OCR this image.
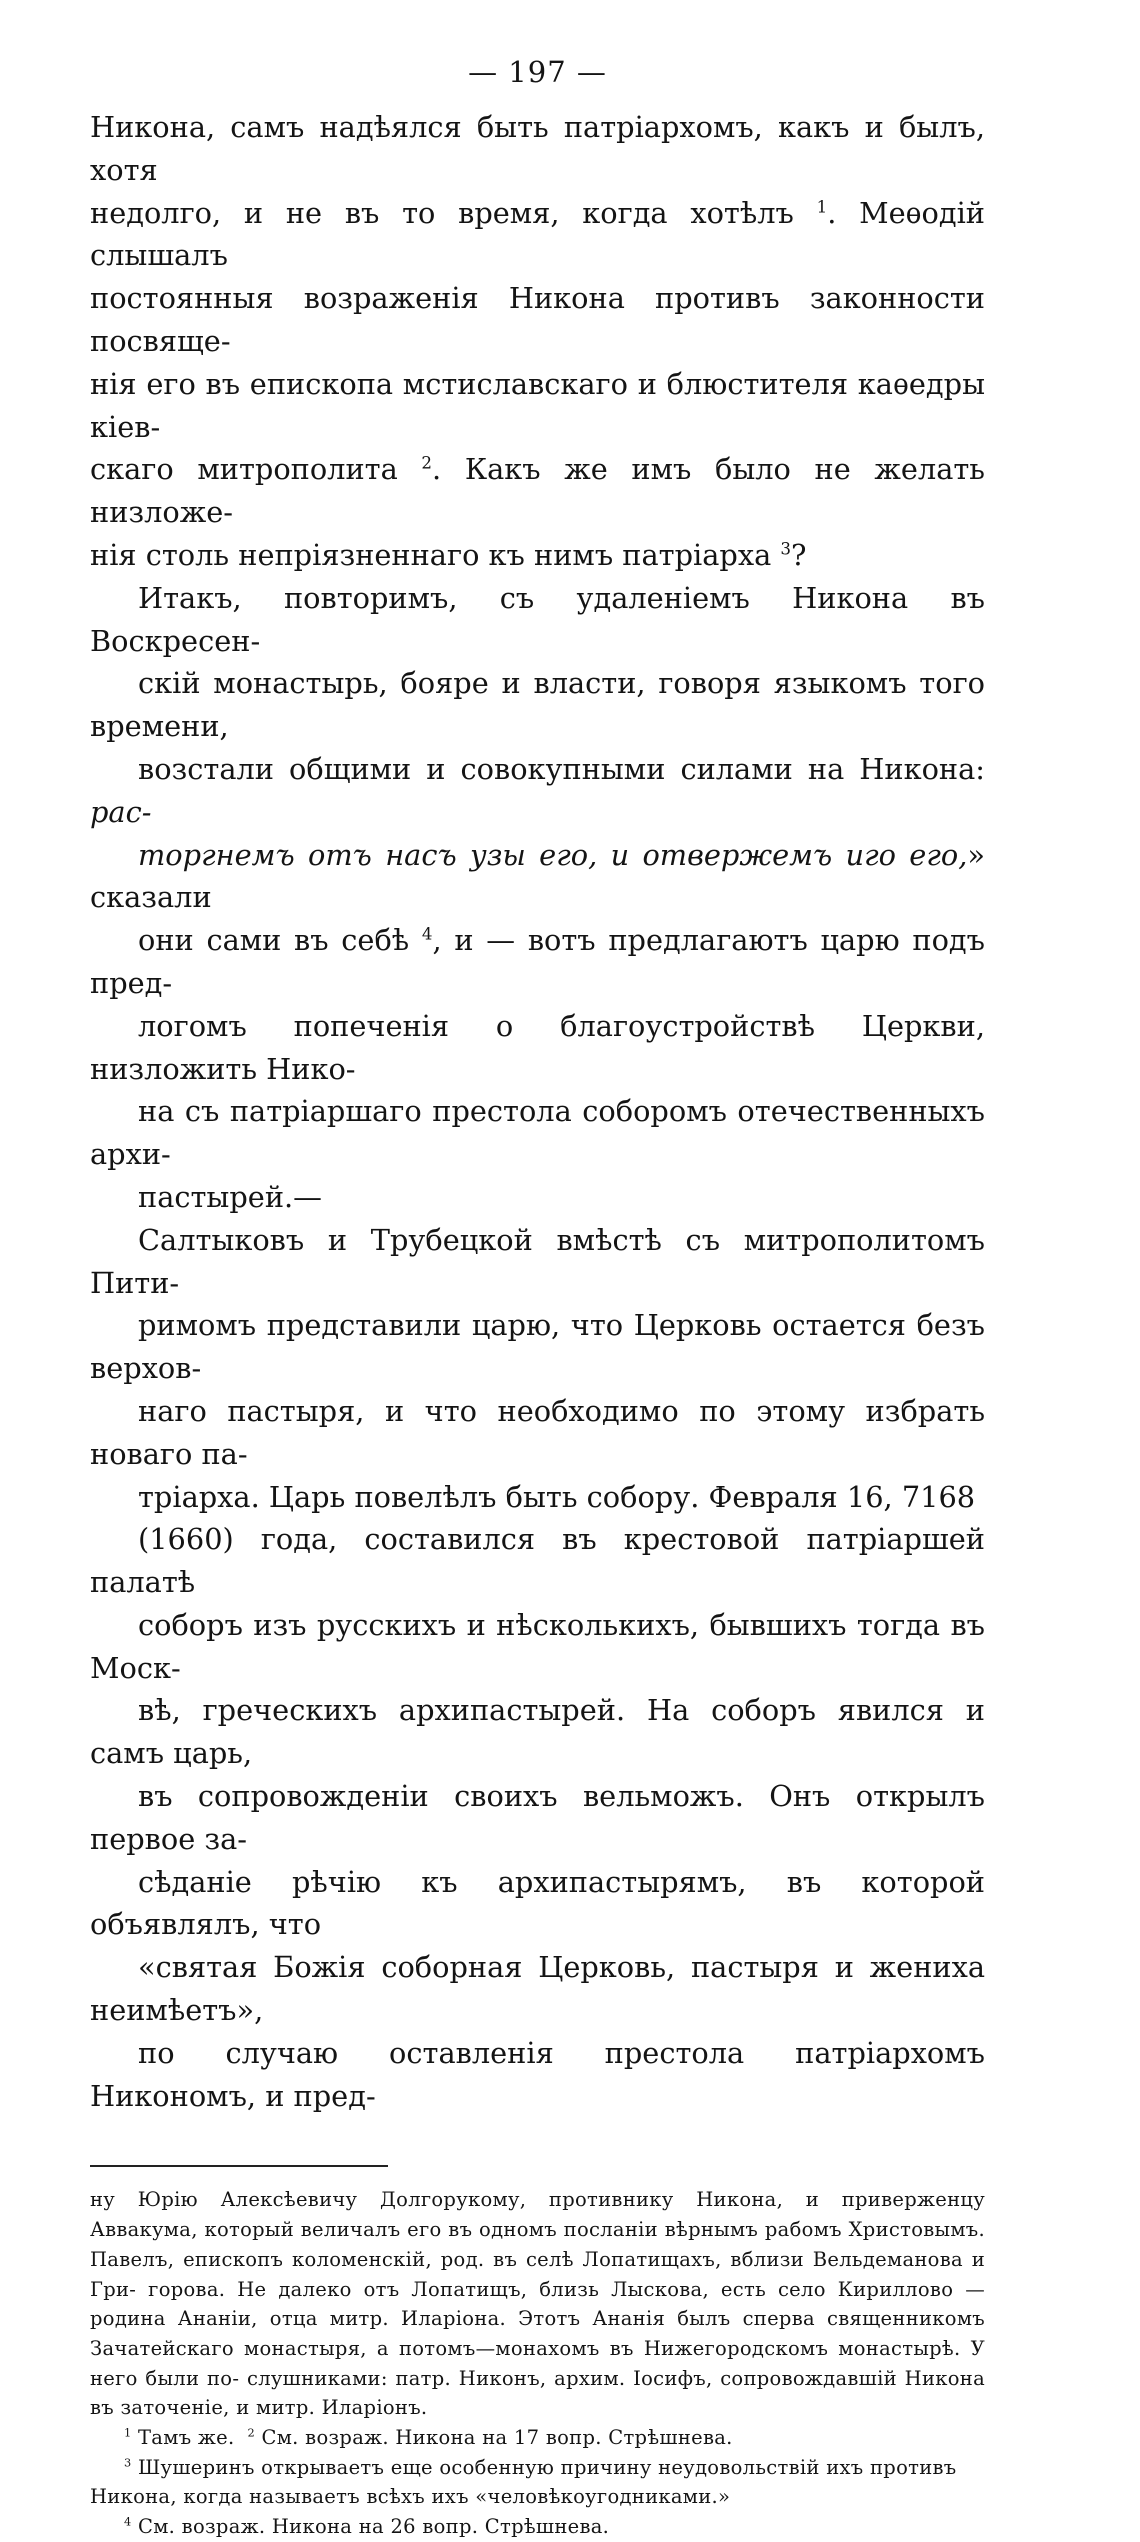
— 197 —

Никона, самъ надѣялся быть патріархомъ, какъ и былъ, хотя
недолго, и не въ то время, когда хотѣлъ $^1$. Меѳодій слышалъ
постоянныя возраженія Никона противъ законности посвяще-
нія его въ епископа мстиславскаго и блюстителя каѳедры кіев-
скаго митрополита $^2$. Какъ же имъ было не желать низложе-
нія столь непріязненнаго къ нимъ патріарха $^3$?

Итакъ, повторимъ, съ удаленіемъ Никона въ Воскресен-
скій монастырь, бояре и власти, говоря языкомъ того времени,
возстали общими и совокупными силами на Никона: рас-
торгнемъ отъ насъ узы его, и отвержемъ иго его,» сказали
они сами въ себѣ $^4$, и — вотъ предлагаютъ царю подъ пред-
логомъ попеченія о благоустройствѣ Церкви, низложить Нико-
на съ патріаршаго престола соборомъ отечественныхъ архи-
пастырей.—

Салтыковъ и Трубецкой вмѣстѣ съ митрополитомъ Пити-
римомъ представили царю, что Церковь остается безъ верхов-
наго пастыря, и что необходимо по этому избрать новаго па-
тріарха. Царь повелѣлъ быть собору. Февраля 16, 7168
(1660) года, составился въ крестовой патріаршей палатѣ
соборъ изъ русскихъ и нѣсколькихъ, бывшихъ тогда въ Моск-
вѣ, греческихъ архипастырей. На соборъ явился и самъ царь,
въ сопровожденіи своихъ вельможъ. Онъ открылъ первое за-
сѣданіе рѣчію къ архипастырямъ, въ которой объявлялъ, что
«святая Божія соборная Церковь, пастыря и жениха неимѣетъ»,
по случаю оставленія престола патріархомъ Никономъ, и пред-

ну Юрію Алексѣевичу Долгорукому, противнику Никона, и приверженцу Аввакума, который величалъ его въ одномъ посланіи вѣрнымъ рабомъ Христовымъ. Павелъ, епископъ коломенскій, род. въ селѣ Лопатищахъ, вблизи Вельдеманова и Гри- горова. Не далеко отъ Лопатищъ, близь Лыскова, есть село Кириллово — родина Ананіи, отца митр. Иларіона. Этотъ Ананія былъ сперва священникомъ Зачатейскаго монастыря, а потомъ—монахомъ въ Нижегородскомъ монастырѣ. У него были по- слушниками: патр. Никонъ, архим. Іосифъ, сопровождавшій Никона въ заточеніе, и митр. Иларіонъ.

$^1$ Тамъ же. $^2$ См. возраж. Никона на 17 вопр. Стрѣшнева.

$^3$ Шушеринъ открываетъ еще особенную причину неудовольствій ихъ противъ

Никона, когда называетъ всѣхъ ихъ «человѣкоугодниками.»

$^4$ См. возраж. Никона на 26 вопр. Стрѣшнева.
